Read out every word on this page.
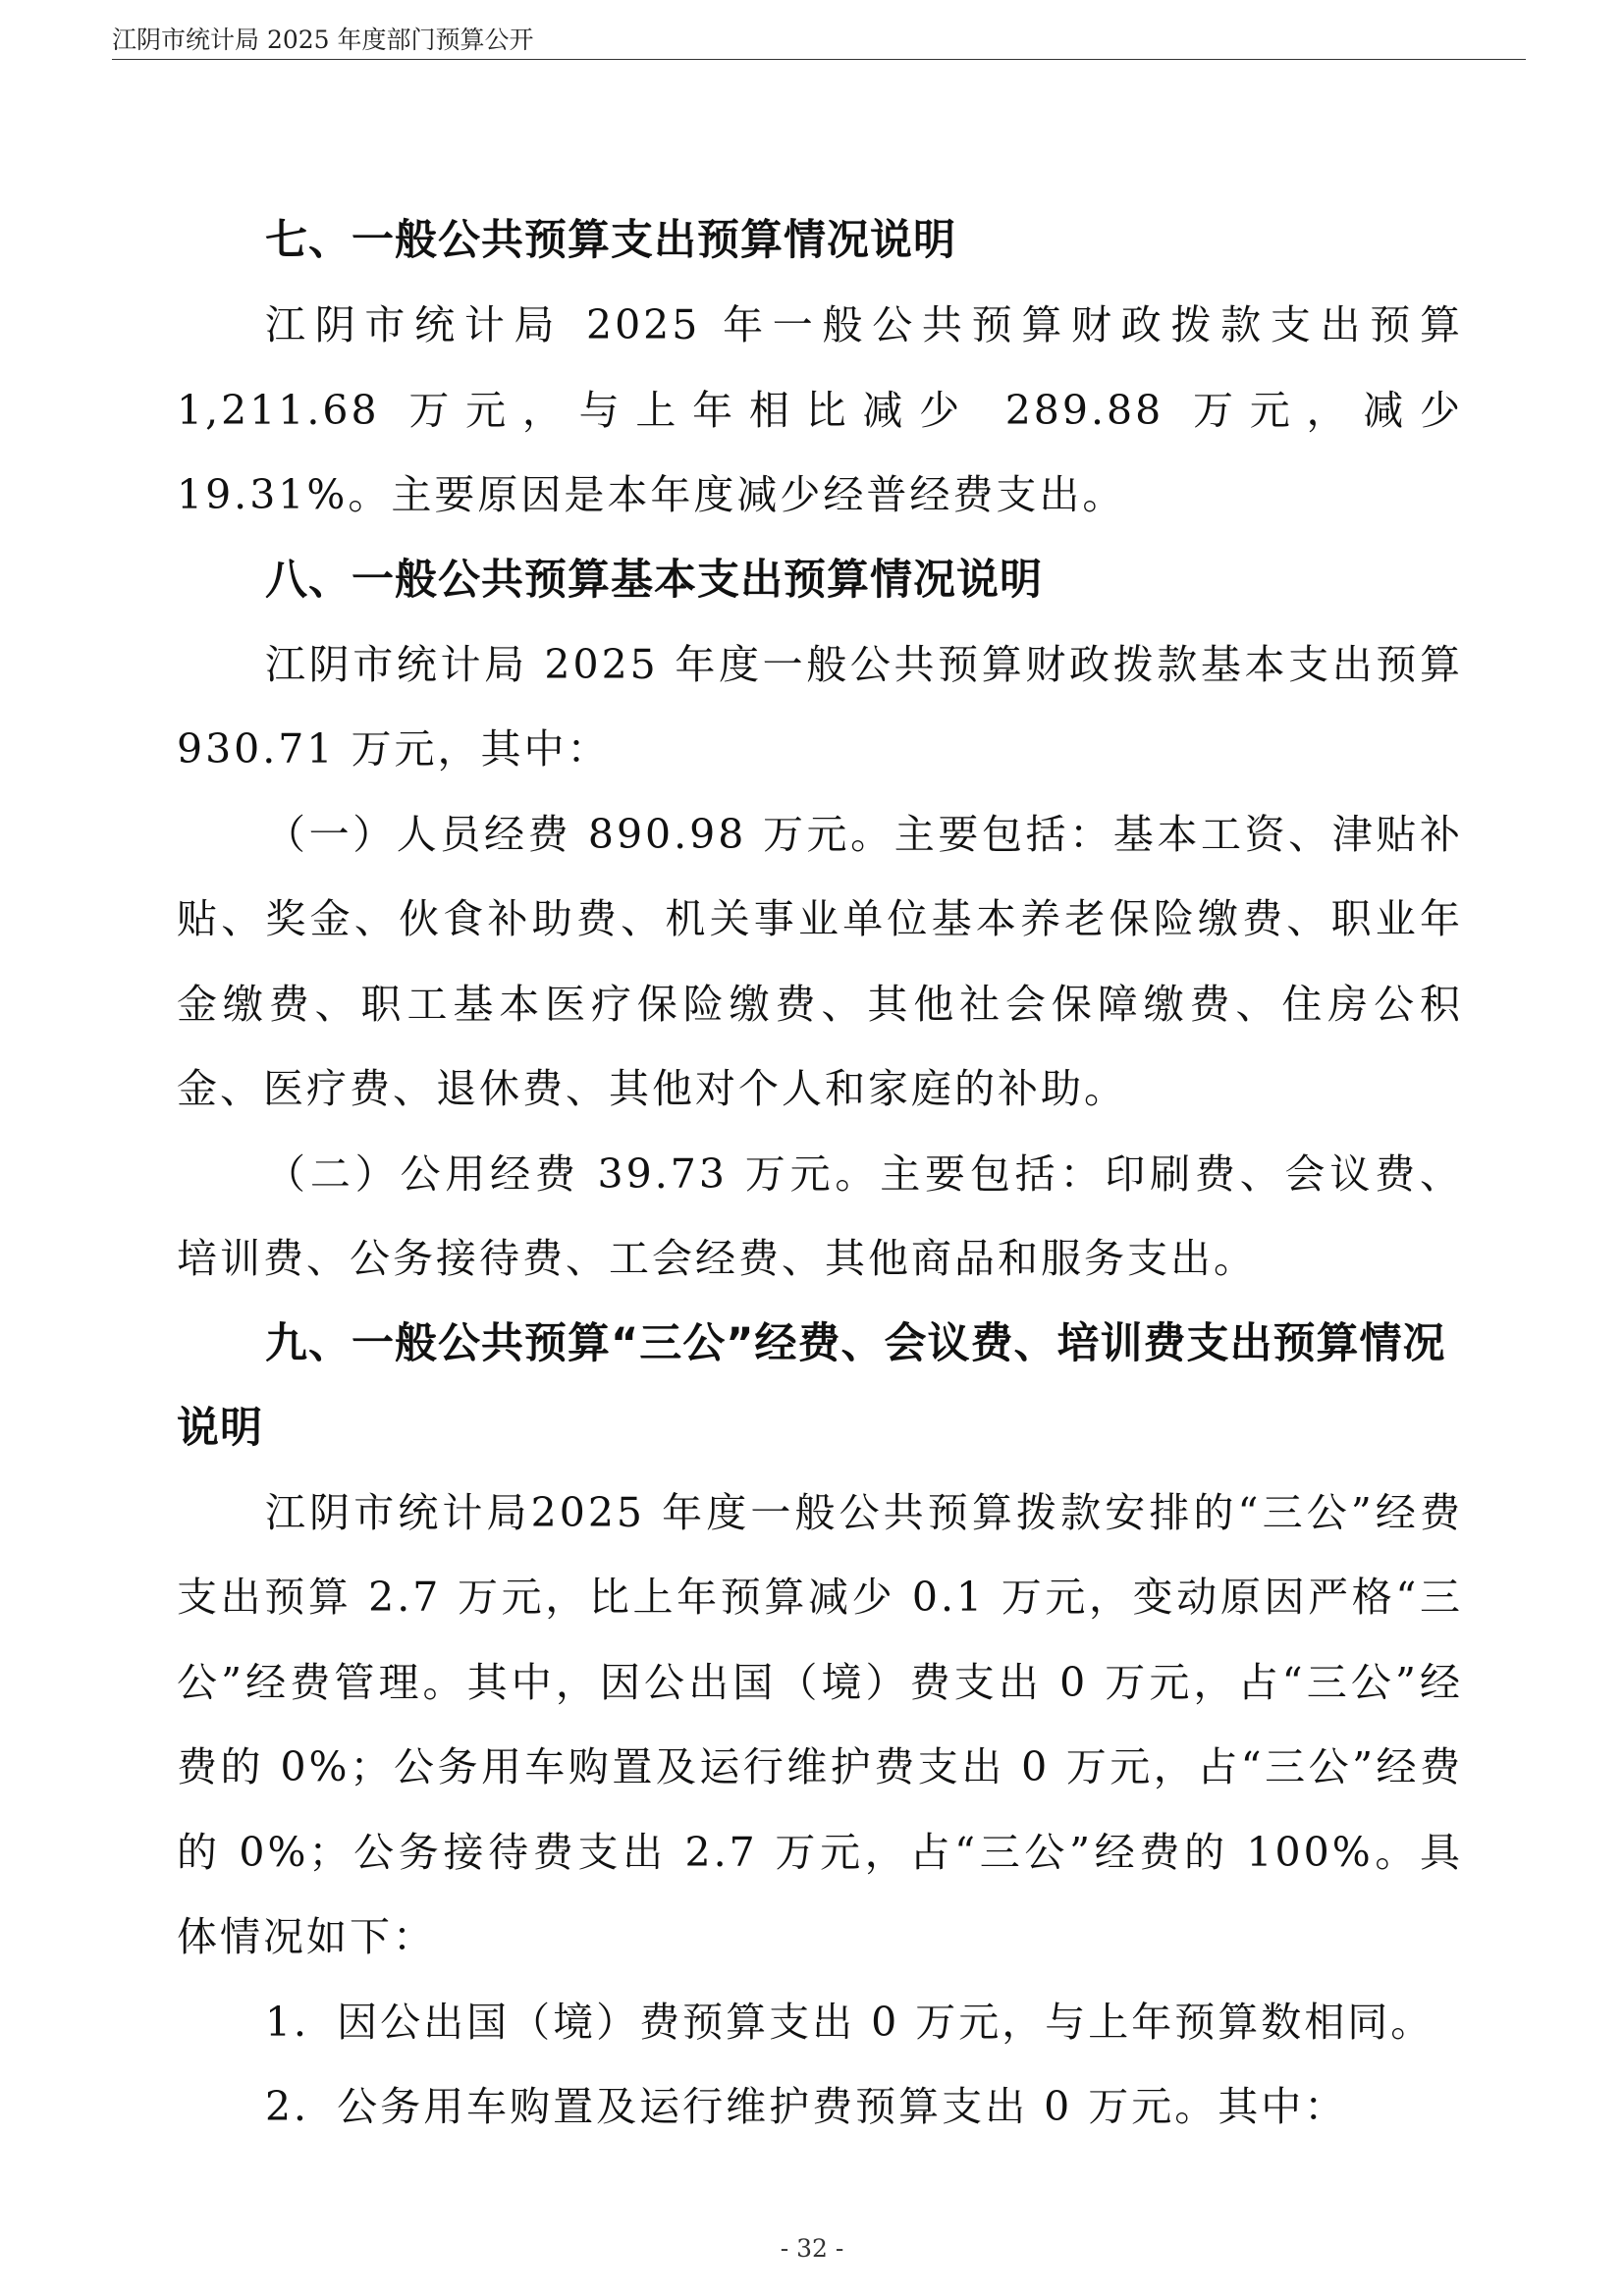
江阴市统计局 2025 年度部门预算公开
七、一般公共预算支出预算情况说明

江阴市统计局 2025 年一般公共预算财政拨款支出预算 1,211.68 万元，与上年相比减少 289.88 万元，减少 19.31%。主要原因是本年度减少经普经费支出。

八、一般公共预算基本支出预算情况说明

江阴市统计局 2025 年度一般公共预算财政拨款基本支出预算 930.71 万元，其中：

（一）人员经费 890.98 万元。主要包括：基本工资、津贴补贴、奖金、伙食补助费、机关事业单位基本养老保险缴费、职业年金缴费、职工基本医疗保险缴费、其他社会保障缴费、住房公积金、医疗费、退休费、其他对个人和家庭的补助。

（二）公用经费 39.73 万元。主要包括：印刷费、会议费、培训费、公务接待费、工会经费、其他商品和服务支出。

九、一般公共预算“三公”经费、会议费、培训费支出预算情况说明

江阴市统计局2025 年度一般公共预算拨款安排的“三公”经费支出预算 2.7 万元，比上年预算减少 0.1 万元，变动原因严格“三公”经费管理。其中，因公出国（境）费支出 0 万元，占“三公”经费的 0%；公务用车购置及运行维护费支出 0 万元，占“三公”经费的 0%；公务接待费支出 2.7 万元，占“三公”经费的 100%。具体情况如下：

1．因公出国（境）费预算支出 0 万元，与上年预算数相同。

2．公务用车购置及运行维护费预算支出 0 万元。其中：

- 32 -
